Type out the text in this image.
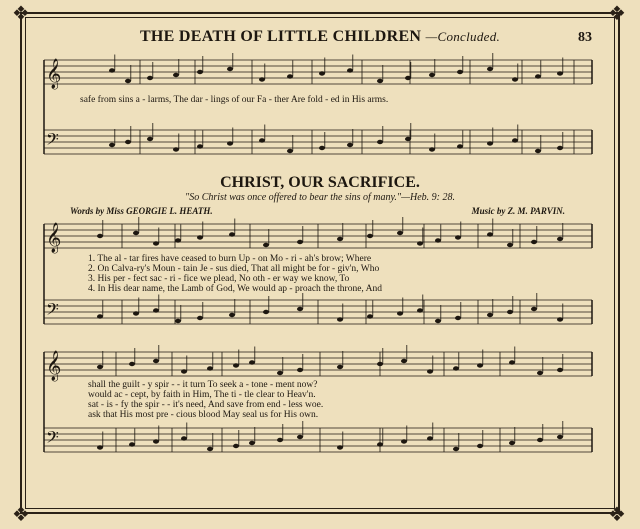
❖	❖
❖	❖
THE DEATH OF LITTLE CHILDREN —Concluded.	83
𝄞
𝄢
𝄞
𝄢
𝄞
𝄢
safe from sins a - larms, The dar - lings of our Fa - ther Are fold - ed in His arms.
CHRIST, OUR SACRIFICE.
"So Christ was once offered to bear the sins of many."—Heb. 9: 28.
Words by Miss GEORGIE L. HEATH.	Music by Z. M. PARVIN.
1. The al - tar fires have ceased to burn Up - on Mo - ri - ah's brow; Where
2. On Calva-ry's Moun - tain Je - sus died, That all might be for - giv'n, Who
3. His per - fect sac - ri - fice we plead, No oth - er way we know, To
4. In His dear name, the Lamb of God, We would ap - proach the throne, And
shall the guilt - y spir - - it turn To seek a - tone - ment now?
would ac - cept, by faith in Him, The ti - tle clear to Heav'n.
sat - is - fy the spir - - it's need, And save from end - less woe.
ask that His most pre - cious blood May seal us for His own.
